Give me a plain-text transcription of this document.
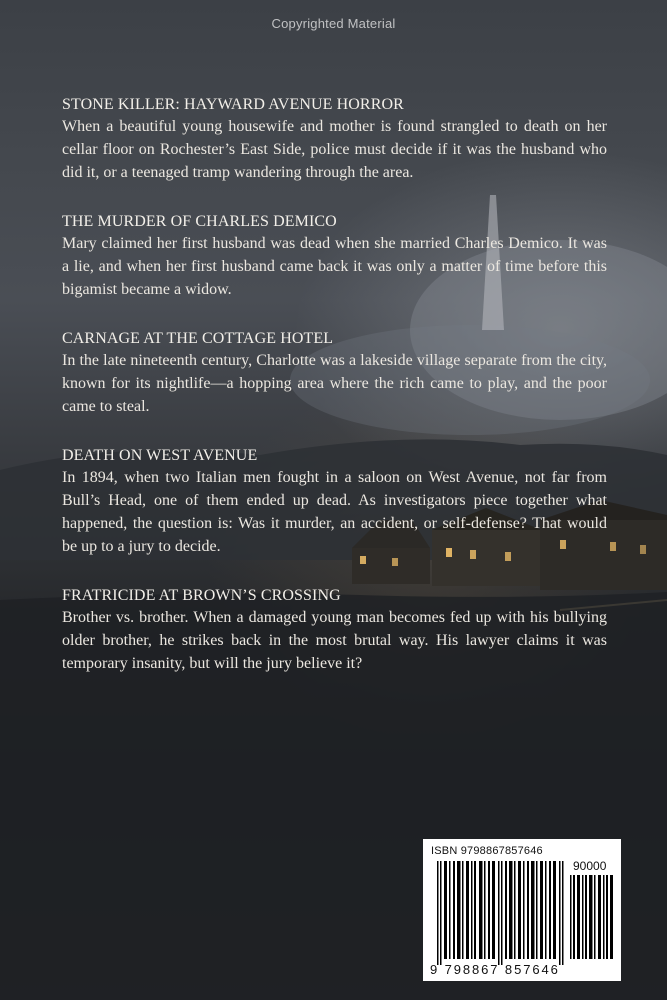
Copyrighted Material

STONE KILLER: HAYWARD AVENUE HORROR

When a beautiful young housewife and mother is found strangled to death on her cellar floor on Rochester’s East Side, police must decide if it was the husband who did it, or a teenaged tramp wandering through the area.

THE MURDER OF CHARLES DEMICO

Mary claimed her first husband was dead when she married Charles Demico. It was a lie, and when her first husband came back it was only a matter of time before this bigamist became a widow.

CARNAGE AT THE COTTAGE HOTEL

In the late nineteenth century, Charlotte was a lakeside village separate from the city, known for its nightlife—a hopping area where the rich came to play, and the poor came to steal.

DEATH ON WEST AVENUE

In 1894, when two Italian men fought in a saloon on West Avenue, not far from Bull’s Head, one of them ended up dead. As investigators piece together what happened, the question is: Was it murder, an accident, or self-defense? That would be up to a jury to decide.

FRATRICIDE AT BROWN’S CROSSING

Brother vs. brother. When a damaged young man becomes fed up with his bullying older brother, he strikes back in the most brutal way. His lawyer claims it was temporary insanity, but will the jury believe it?

ISBN 9798867857646
90000
9 798867 857646
